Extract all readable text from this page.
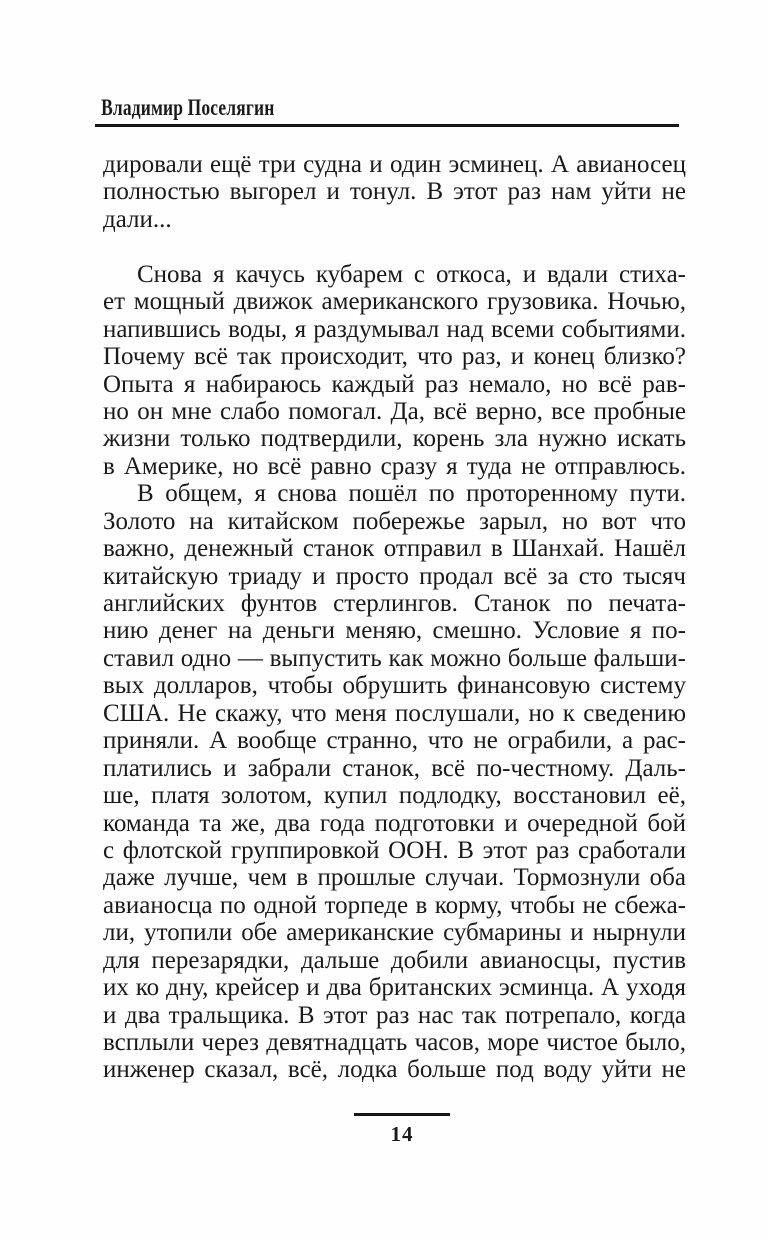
Владимир Поселягин
дировали ещё три судна и один эсминец. А авианосец
полностью выгорел и тонул. В этот раз нам уйти не
дали...
Снова я качусь кубарем с откоса, и вдали стиха-
ет мощный движок американского грузовика. Ночью,
напившись воды, я раздумывал над всеми событиями.
Почему всё так происходит, что раз, и конец близко?
Опыта я набираюсь каждый раз немало, но всё рав-
но он мне слабо помогал. Да, всё верно, все пробные
жизни только подтвердили, корень зла нужно искать
в Америке, но всё равно сразу я туда не отправлюсь.
В общем, я снова пошёл по проторенному пути.
Золото на китайском побережье зарыл, но вот что
важно, денежный станок отправил в Шанхай. Нашёл
китайскую триаду и просто продал всё за сто тысяч
английских фунтов стерлингов. Станок по печата-
нию денег на деньги меняю, смешно. Условие я по-
ставил одно — выпустить как можно больше фальши-
вых долларов, чтобы обрушить финансовую систему
США. Не скажу, что меня послушали, но к сведению
приняли. А вообще странно, что не ограбили, а рас-
платились и забрали станок, всё по-честному. Даль-
ше, платя золотом, купил подлодку, восстановил её,
команда та же, два года подготовки и очередной бой
с флотской группировкой ООН. В этот раз сработали
даже лучше, чем в прошлые случаи. Тормознули оба
авианосца по одной торпеде в корму, чтобы не сбежа-
ли, утопили обе американские субмарины и нырнули
для перезарядки, дальше добили авианосцы, пустив
их ко дну, крейсер и два британских эсминца. А уходя
и два тральщика. В этот раз нас так потрепало, когда
всплыли через девятнадцать часов, море чистое было,
инженер сказал, всё, лодка больше под воду уйти не
14
